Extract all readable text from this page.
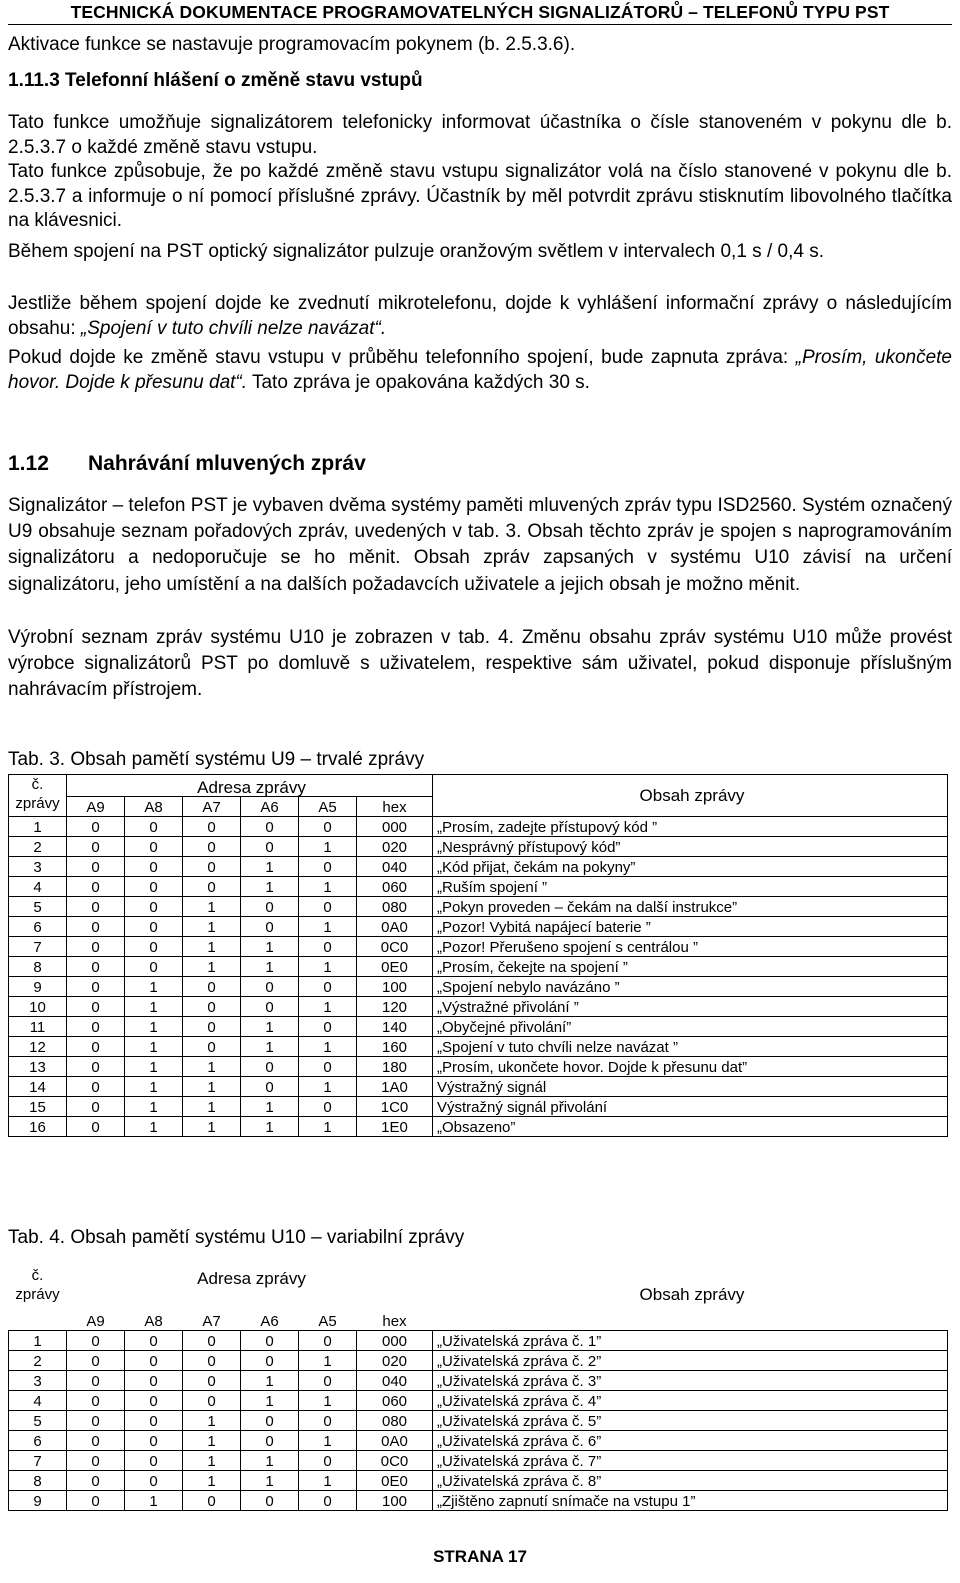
TECHNICKÁ DOKUMENTACE PROGRAMOVATELNÝCH SIGNALIZÁTORŮ – TELEFONŮ TYPU PST
Aktivace funkce se nastavuje programovacím pokynem (b. 2.5.3.6).
1.11.3 Telefonní hlášení o změně stavu vstupů
Tato funkce umožňuje signalizátorem telefonicky informovat účastníka o čísle stanoveném v pokynu dle b. 2.5.3.7 o každé změně stavu vstupu.
Tato funkce způsobuje, že po každé změně stavu vstupu signalizátor volá na číslo stanovené v pokynu dle b. 2.5.3.7 a informuje o ní pomocí příslušné zprávy. Účastník by měl potvrdit zprávu stisknutím libovolného tlačítka na klávesnici.
Během spojení na PST optický signalizátor pulzuje oranžovým světlem v intervalech 0,1 s / 0,4 s.
Jestliže během spojení dojde ke zvednutí mikrotelefonu, dojde k vyhlášení informační zprávy o následujícím obsahu: „Spojení v tuto chvíli nelze navázat“.
Pokud dojde ke změně stavu vstupu v průběhu telefonního spojení, bude zapnuta zpráva: „Prosím, ukončete hovor. Dojde k přesunu dat“. Tato zpráva je opakována každých 30 s.
1.12 Nahrávání mluvených zpráv
Signalizátor – telefon PST je vybaven dvěma systémy paměti mluvených zpráv typu ISD2560. Systém označený U9 obsahuje seznam pořadových zpráv, uvedených v tab. 3. Obsah těchto zpráv je spojen s naprogramováním signalizátoru a nedoporučuje se ho měnit. Obsah zpráv zapsaných v systému U10 závisí na určení signalizátoru, jeho umístění a na dalších požadavcích uživatele a jejich obsah je možno měnit.
Výrobní seznam zpráv systému U10 je zobrazen v tab. 4. Změnu obsahu zpráv systému U10 může provést výrobce signalizátorů PST po domluvě s uživatelem, respektive sám uživatel, pokud disponuje příslušným nahrávacím přístrojem.
Tab. 3. Obsah pamětí systému U9 – trvalé zprávy
č.
zprávy	Adresa zprávy						Obsah zprávy
	A9	A8	A7	A6	A5	hex	
1	0	0	0	0	0	000	„Prosím, zadejte přístupový kód ”
2	0	0	0	0	1	020	„Nesprávný přístupový kód”
3	0	0	0	1	0	040	„Kód přijat, čekám na pokyny”
4	0	0	0	1	1	060	„Ruším spojení ”
5	0	0	1	0	0	080	„Pokyn proveden – čekám na další instrukce”
6	0	0	1	0	1	0A0	„Pozor! Vybitá napájecí baterie ”
7	0	0	1	1	0	0C0	„Pozor! Přerušeno spojení s centrálou ”
8	0	0	1	1	1	0E0	„Prosím, čekejte na spojení ”
9	0	1	0	0	0	100	„Spojení nebylo navázáno ”
10	0	1	0	0	1	120	„Výstražné přivolání ”
11	0	1	0	1	0	140	„Obyčejné přivolání”
12	0	1	0	1	1	160	„Spojení v tuto chvíli nelze navázat ”
13	0	1	1	0	0	180	„Prosím, ukončete hovor. Dojde k přesunu dat”
14	0	1	1	0	1	1A0	Výstražný signál
15	0	1	1	1	0	1C0	Výstražný signál přivolání
16	0	1	1	1	1	1E0	„Obsazeno”
Tab. 4. Obsah pamětí systému U10 – variabilní zprávy
č.
zprávy	Adresa zprávy						Obsah zprávy
	A9	A8	A7	A6	A5	hex	
1	0	0	0	0	0	000	„Uživatelská zpráva č. 1”
2	0	0	0	0	1	020	„Uživatelská zpráva č. 2”
3	0	0	0	1	0	040	„Uživatelská zpráva č. 3”
4	0	0	0	1	1	060	„Uživatelská zpráva č. 4”
5	0	0	1	0	0	080	„Uživatelská zpráva č. 5”
6	0	0	1	0	1	0A0	„Uživatelská zpráva č. 6”
7	0	0	1	1	0	0C0	„Uživatelská zpráva č. 7”
8	0	0	1	1	1	0E0	„Uživatelská zpráva č. 8”
9	0	1	0	0	0	100	„Zjištěno zapnutí snímače na vstupu 1”
STRANA 17
